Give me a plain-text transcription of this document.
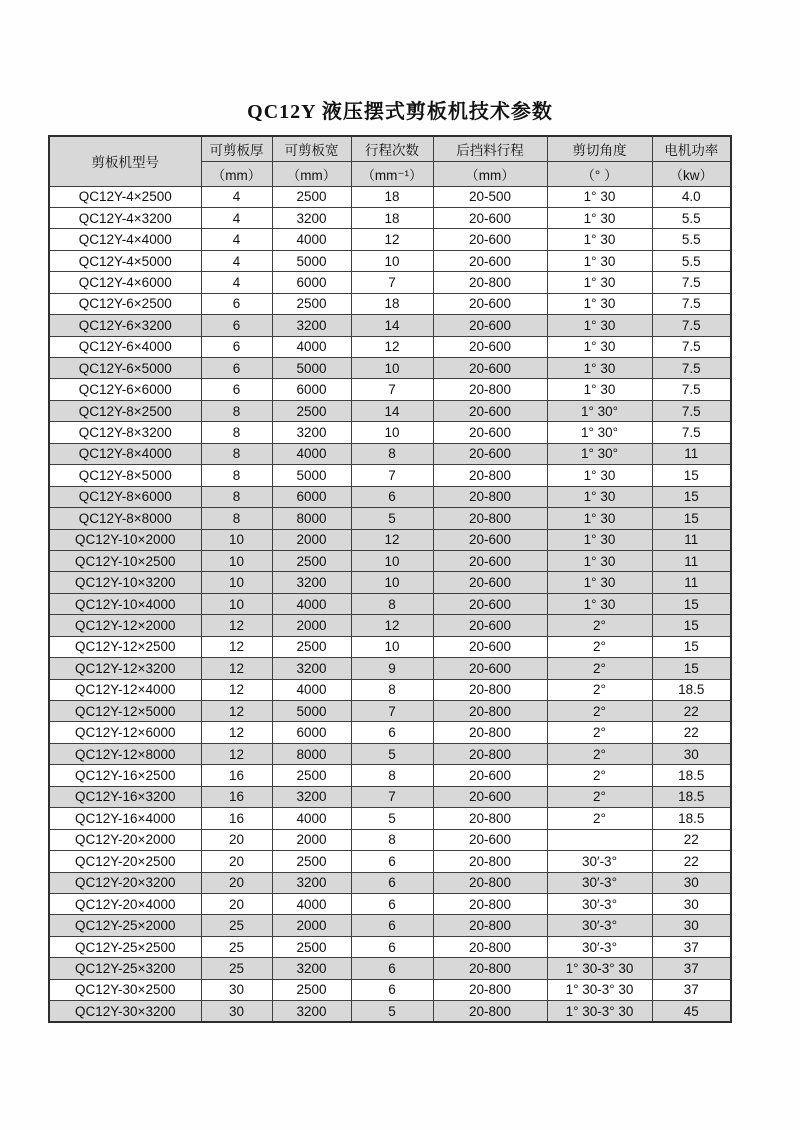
QC12Y 液压摆式剪板机技术参数
剪板机型号	可剪板厚	可剪板宽	行程次数	后挡料行程	剪切角度	电机功率
	（mm）	（mm）	（mm⁻¹）	（mm）	（° ）	（kw）
QC12Y-4×2500	4	2500	18	20-500	1° 30	4.0
QC12Y-4×3200	4	3200	18	20-600	1° 30	5.5
QC12Y-4×4000	4	4000	12	20-600	1° 30	5.5
QC12Y-4×5000	4	5000	10	20-600	1° 30	5.5
QC12Y-4×6000	4	6000	7	20-800	1° 30	7.5
QC12Y-6×2500	6	2500	18	20-600	1° 30	7.5
QC12Y-6×3200	6	3200	14	20-600	1° 30	7.5
QC12Y-6×4000	6	4000	12	20-600	1° 30	7.5
QC12Y-6×5000	6	5000	10	20-600	1° 30	7.5
QC12Y-6×6000	6	6000	7	20-800	1° 30	7.5
QC12Y-8×2500	8	2500	14	20-600	1° 30°	7.5
QC12Y-8×3200	8	3200	10	20-600	1° 30°	7.5
QC12Y-8×4000	8	4000	8	20-600	1° 30°	11
QC12Y-8×5000	8	5000	7	20-800	1° 30	15
QC12Y-8×6000	8	6000	6	20-800	1° 30	15
QC12Y-8×8000	8	8000	5	20-800	1° 30	15
QC12Y-10×2000	10	2000	12	20-600	1° 30	11
QC12Y-10×2500	10	2500	10	20-600	1° 30	11
QC12Y-10×3200	10	3200	10	20-600	1° 30	11
QC12Y-10×4000	10	4000	8	20-600	1° 30	15
QC12Y-12×2000	12	2000	12	20-600	2°	15
QC12Y-12×2500	12	2500	10	20-600	2°	15
QC12Y-12×3200	12	3200	9	20-600	2°	15
QC12Y-12×4000	12	4000	8	20-800	2°	18.5
QC12Y-12×5000	12	5000	7	20-800	2°	22
QC12Y-12×6000	12	6000	6	20-800	2°	22
QC12Y-12×8000	12	8000	5	20-800	2°	30
QC12Y-16×2500	16	2500	8	20-600	2°	18.5
QC12Y-16×3200	16	3200	7	20-600	2°	18.5
QC12Y-16×4000	16	4000	5	20-800	2°	18.5
QC12Y-20×2000	20	2000	8	20-600		22
QC12Y-20×2500	20	2500	6	20-800	30′-3°	22
QC12Y-20×3200	20	3200	6	20-800	30′-3°	30
QC12Y-20×4000	20	4000	6	20-800	30′-3°	30
QC12Y-25×2000	25	2000	6	20-800	30′-3°	30
QC12Y-25×2500	25	2500	6	20-800	30′-3°	37
QC12Y-25×3200	25	3200	6	20-800	1° 30-3° 30	37
QC12Y-30×2500	30	2500	6	20-800	1° 30-3° 30	37
QC12Y-30×3200	30	3200	5	20-800	1° 30-3° 30	45
